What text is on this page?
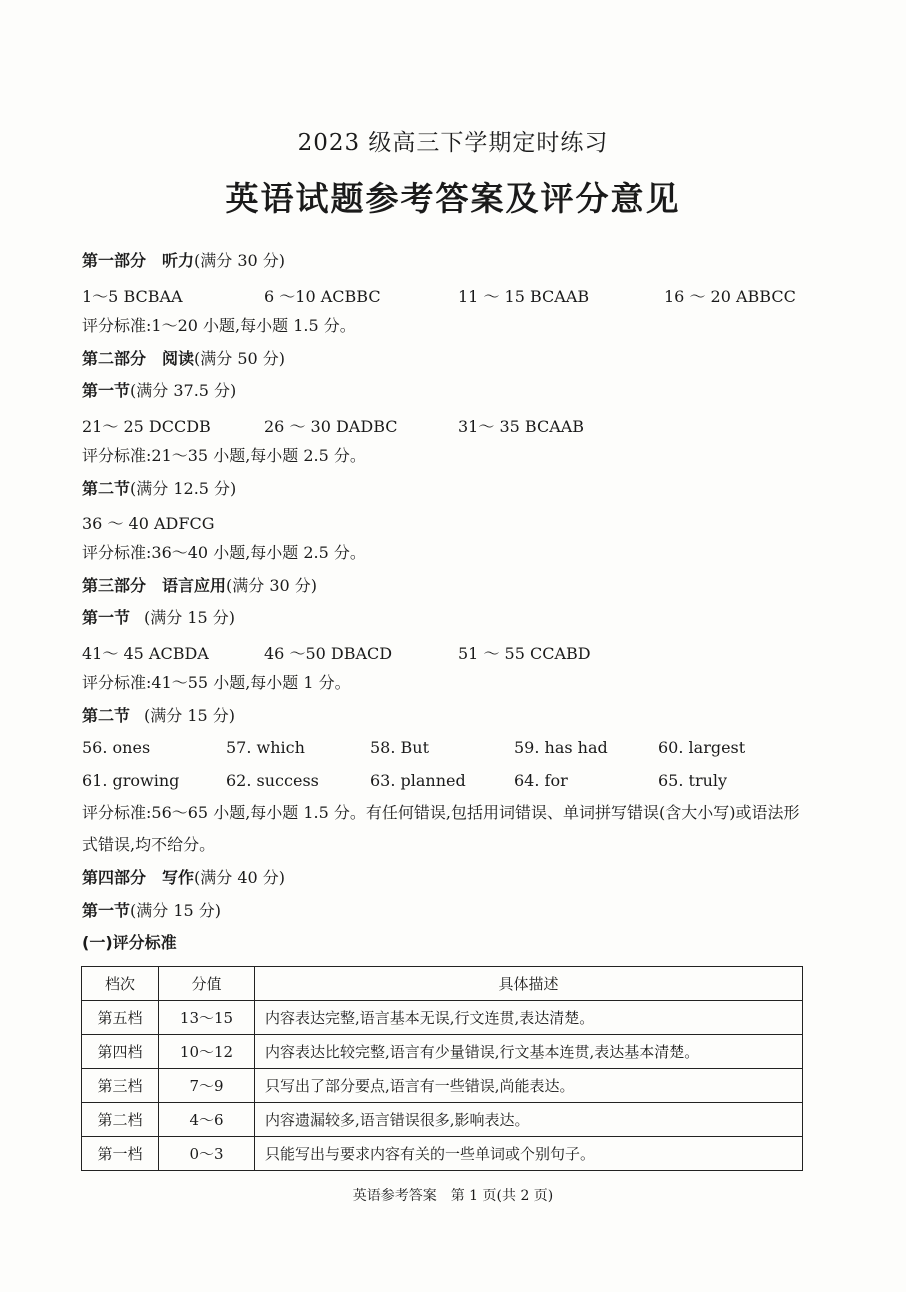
2023 级高三下学期定时练习
英语试题参考答案及评分意见
第一部分　听力(满分 30 分)
1～5 BCBAA	6 ～10 ACBBC	11 ～ 15 BCAAB	16 ～ 20 ABBCC
评分标准:1～20 小题,每小题 1.5 分。
第二部分　阅读(满分 50 分)
第一节(满分 37.5 分)
21～ 25 DCCDB	26 ～ 30 DADBC	31～ 35 BCAAB
评分标准:21～35 小题,每小题 2.5 分。
第二节(满分 12.5 分)
36 ～ 40 ADFCG
评分标准:36～40 小题,每小题 2.5 分。
第三部分　语言应用(满分 30 分)
第一节 (满分 15 分)
41～ 45 ACBDA	46 ～50 DBACD	51 ～ 55 CCABD
评分标准:41～55 小题,每小题 1 分。
第二节 (满分 15 分)
56. ones	57. which	58. But	59. has had	60. largest
61. growing	62. success	63. planned	64. for	65. truly
评分标准:56～65 小题,每小题 1.5 分。有任何错误,包括用词错误、单词拼写错误(含大小写)或语法形式错误,均不给分。
第四部分　写作(满分 40 分)
第一节(满分 15 分)
(一)评分标准
档次	分值	具体描述
第五档	13～15	内容表达完整,语言基本无误,行文连贯,表达清楚。
第四档	10～12	内容表达比较完整,语言有少量错误,行文基本连贯,表达基本清楚。
第三档	7～9	只写出了部分要点,语言有一些错误,尚能表达。
第二档	4～6	内容遗漏较多,语言错误很多,影响表达。
第一档	0～3	只能写出与要求内容有关的一些单词或个别句子。
英语参考答案　第 1 页(共 2 页)
